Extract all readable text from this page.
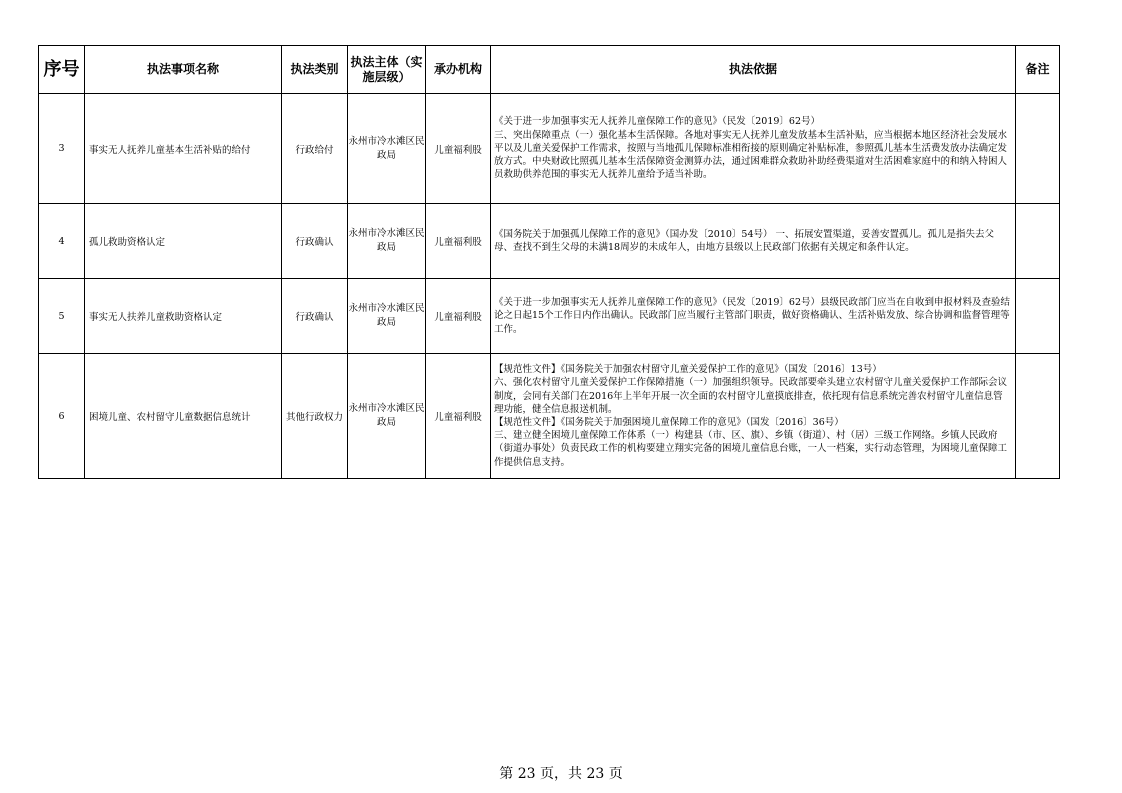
序号	执法事项名称	执法类别	执法主体（实施层级）	承办机构	执法依据	备注
3	事实无人抚养儿童基本生活补贴的给付	行政给付	永州市冷水滩区民政局	儿童福利股	《关于进一步加强事实无人抚养儿童保障工作的意见》（民发〔2019〕62号）
三、突出保障重点（一）强化基本生活保障。各地对事实无人抚养儿童发放基本生活补贴，应当根据本地区经济社会发展水平以及儿童关爱保护工作需求，按照与当地孤儿保障标准相衔接的原则确定补贴标准，参照孤儿基本生活费发放办法确定发放方式。中央财政比照孤儿基本生活保障资金测算办法，通过困难群众救助补助经费渠道对生活困难家庭中的和纳入特困人员救助供养范围的事实无人抚养儿童给予适当补助。	

4	孤儿救助资格认定	行政确认	永州市冷水滩区民政局	儿童福利股	《国务院关于加强孤儿保障工作的意见》（国办发〔2010〕54号） 一、拓展安置渠道，妥善安置孤儿。孤儿是指失去父母、查找不到生父母的未满18周岁的未成年人，由地方县级以上民政部门依据有关规定和条件认定。	

5	事实无人扶养儿童救助资格认定	行政确认	永州市冷水滩区民政局	儿童福利股	《关于进一步加强事实无人抚养儿童保障工作的意见》（民发〔2019〕62号）县级民政部门应当在自收到申报材料及查验结论之日起15个工作日内作出确认。民政部门应当履行主管部门职责，做好资格确认、生活补贴发放、综合协调和监督管理等工作。	

6	困境儿童、农村留守儿童数据信息统计	其他行政权力	永州市冷水滩区民政局	儿童福利股	【规范性文件】《国务院关于加强农村留守儿童关爱保护工作的意见》（国发〔2016〕13号）
六、强化农村留守儿童关爱保护工作保障措施（一）加强组织领导。民政部要牵头建立农村留守儿童关爱保护工作部际会议制度，会同有关部门在2016年上半年开展一次全面的农村留守儿童摸底排查，依托现有信息系统完善农村留守儿童信息管理功能，健全信息报送机制。
【规范性文件】《国务院关于加强困境儿童保障工作的意见》（国发〔2016〕36号）
三、建立健全困境儿童保障工作体系（一）构建县（市、区、旗）、乡镇（街道）、村（居）三级工作网络。乡镇人民政府（街道办事处）负责民政工作的机构要建立翔实完备的困境儿童信息台账，一人一档案，实行动态管理，为困境儿童保障工作提供信息支持。	

第 23 页，共 23 页
